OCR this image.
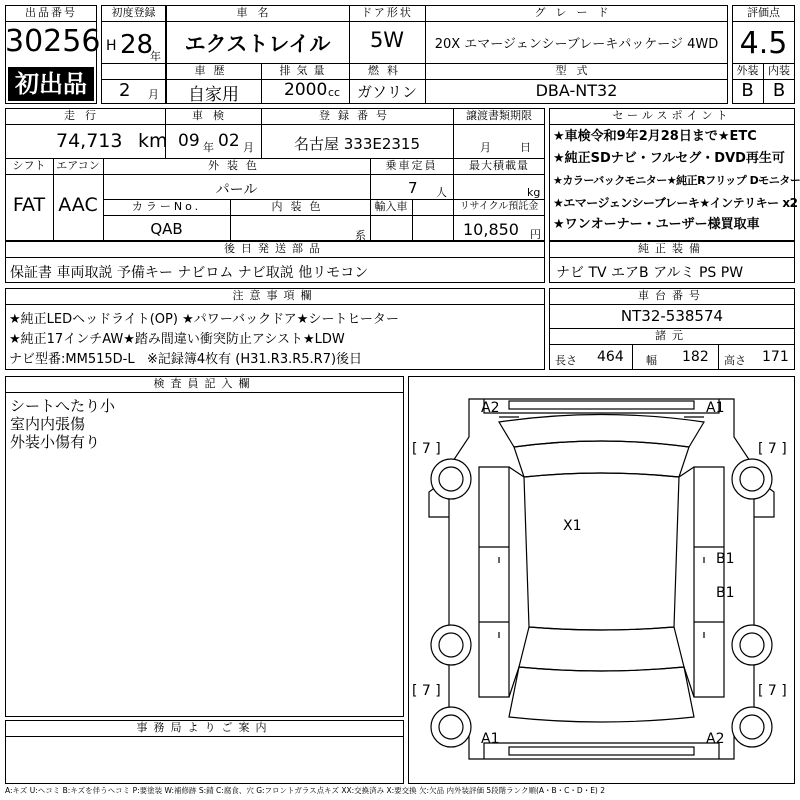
出品番号
30256
初出品
初度登録
H 28
年
2 月
車名
エクストレイル
ドア形状
5W
グレード
20X エマージェンシーブレーキパッケージ 4WD
車歴
自家用
排気量
2000 cc
燃料
ガソリン
型式
DBA-NT32
評価点
4.5
外装 内装
B	B
走行
74,713 km
車検
09 年 02 月
登録番号
名古屋 333E2315
譲渡書類期限
月	日
シフト
FAT
エアコン
AAC
外装色
パール
乗車定員
7 人
最大積載量
kg
カラーNo.
QAB
内装色
系
輸入車	リサイクル預託金
10,850 円
セールスポイント
★車検令和9年2月28日まで★ETC
★純正SDナビ・フルセグ・DVD再生可
★カラーバックモニター★純正Rフリップ Dモニター
★エマージェンシーブレーキ★インテリキー x2
★ワンオーナー・ユーザー様買取車
後日発送部品
保証書 車両取説 予備キー ナビロム ナビ取説 他リモコン
純正装備
ナビ TV エアB アルミ PS PW
注意事項欄
★純正LEDヘッドライト(OP) ★パワーバックドア★シートヒーター
★純正17インチAW★踏み間違い衝突防止アシスト★LDW
ナビ型番:MM515D-L   ※記録簿4枚有 (H31.R3.R5.R7)後日
車台番号
NT32-538574
諸元
長さ 464 幅 182 高さ 171
検査員記入欄
シートへたり小
室内内張傷
外装小傷有り
事務局よりご案内
[ 7 ]	[ 7 ]
[ 7 ]	[ 7 ]
A2	A1
X1
B1
B1
A1	A2
A:キズ U:ヘコミ B:キズを伴うヘコミ P:要塗装 W:補修跡 S:錆 C:腐食、穴 G:フロントガラス点キズ XX:交換済み X:要交換 欠:欠品 内外装評価 5段階ランク順(A・B・C・D・E) 2
